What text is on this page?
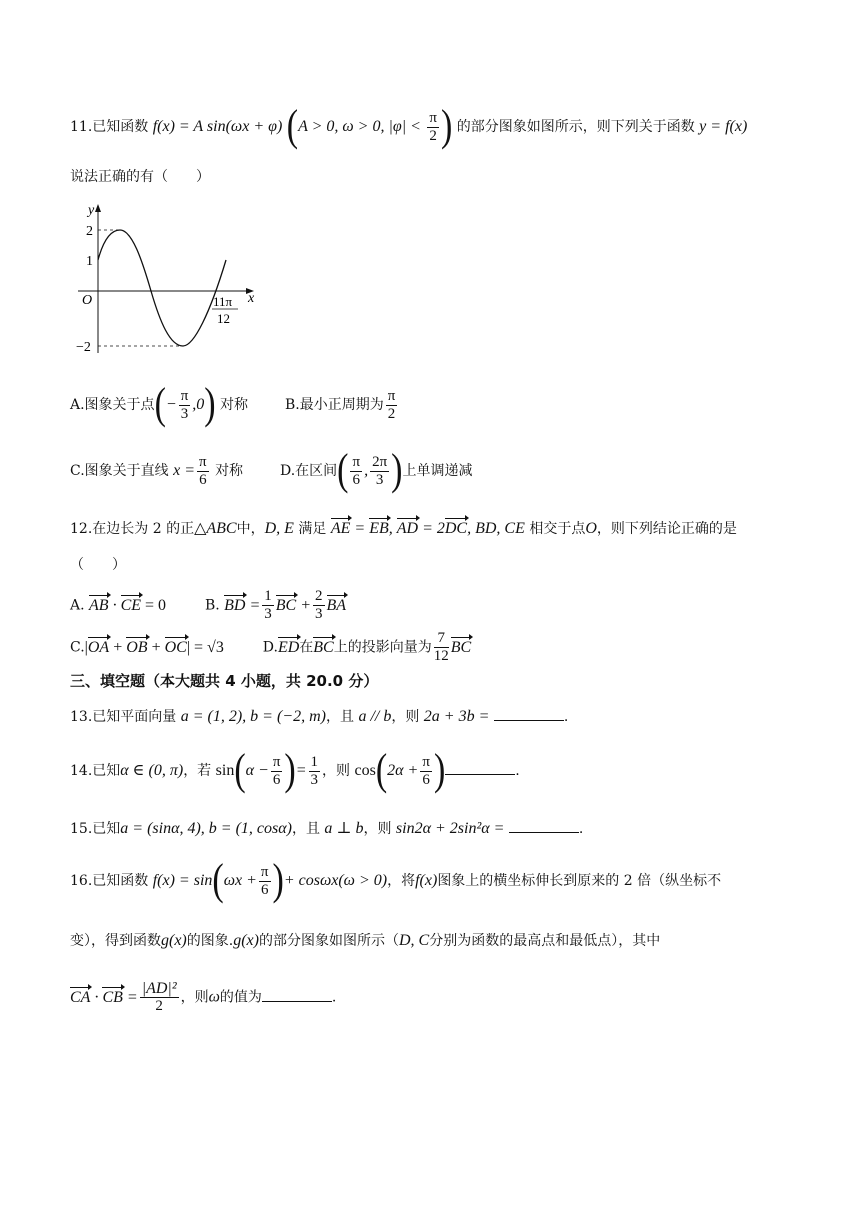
11.已知函数 f(x) = A sin(ωx + φ) (A > 0, ω > 0, $|\varphi| < \frac{\pi}{2}$ ) 的部分图象如图所示，则下列关于函数 y = f(x)
说法正确的有（　　）
y
x
O
2
1
−2
11π
12
A.图象关于点(− $\frac{\pi}{3} ,0$) 对称	B.最小正周期为 $\frac{\pi}{2}$
C.图象关于直线 $x = \frac{\pi}{6}$ 对称	D.在区间( $\frac{\pi}{6}$ , $\frac{2\pi}{3}$ )上单调递减
12.在边长为 2 的正△ABC中，D, E 满足 AE = EB, AD = 2DC, BD, CE 相交于点O，则下列结论正确的是
（　　）
A. AB · CE = 0	B. BD = $\frac{1}{3}$ BC + $\frac{2}{3}$ BA
C.|OA + OB + OC| = √3	D.ED在BC上的投影向量为 $\frac{7}{12}$ BC
三、填空题（本大题共 4 小题，共 20.0 分）
13.已知平面向量 a = (1, 2), b = (−2, m)，且 a // b，则 2a + 3b =	.
14.已知α ∈ (0, π)，若 $\sin(\alpha - \frac{\pi}{6}$ )= $\frac{1}{3}$ ，则 $\cos(2\alpha + \frac{\pi}{6}$ )	.
15.已知a = (sinα, 4), b = (1, cosα)，且 a ⊥ b，则 sin2α + 2sin²α =	.
16.已知函数 $f(x) = \sin(\omega x + \frac{\pi}{6}$ )+ cosωx(ω > 0)，将f(x)图象上的横坐标伸长到原来的 2 倍（纵坐标不
变），得到函数g(x)的图象.g(x)的部分图象如图所示（D, C分别为函数的最高点和最低点），其中
CA · CB = $\frac{\text{|AD|²}}{2}$ ，则ω的值为	.
